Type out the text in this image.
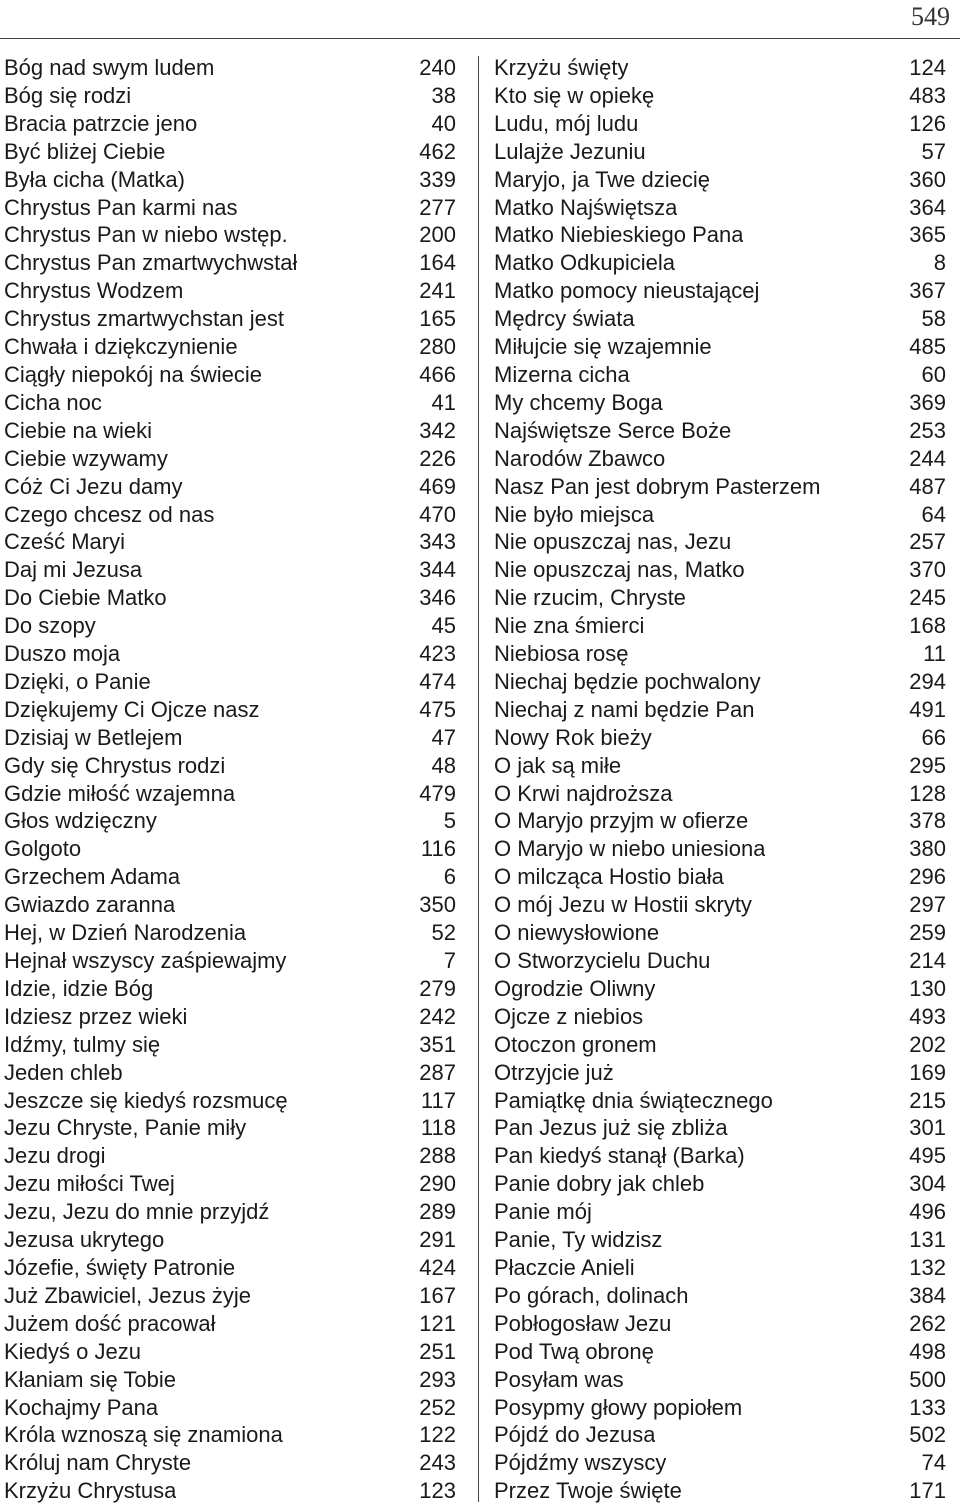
549
Bóg nad swym ludem	240
Bóg się rodzi	38
Bracia patrzcie jeno	40
Być bliżej Ciebie	462
Była cicha (Matka)	339
Chrystus Pan karmi nas	277
Chrystus Pan w niebo wstęp.	200
Chrystus Pan zmartwychwstał	164
Chrystus Wodzem	241
Chrystus zmartwychstan jest	165
Chwała i dziękczynienie	280
Ciągły niepokój na świecie	466
Cicha noc	41
Ciebie na wieki	342
Ciebie wzywamy	226
Cóż Ci Jezu damy	469
Czego chcesz od nas	470
Cześć Maryi	343
Daj mi Jezusa	344
Do Ciebie Matko	346
Do szopy	45
Duszo moja	423
Dzięki, o Panie	474
Dziękujemy Ci Ojcze nasz	475
Dzisiaj w Betlejem	47
Gdy się Chrystus rodzi	48
Gdzie miłość wzajemna	479
Głos wdzięczny	5
Golgoto	116
Grzechem Adama	6
Gwiazdo zaranna	350
Hej, w Dzień Narodzenia	52
Hejnał wszyscy zaśpiewajmy	7
Idzie, idzie Bóg	279
Idziesz przez wieki	242
Idźmy, tulmy się	351
Jeden chleb	287
Jeszcze się kiedyś rozsmucę	117
Jezu Chryste, Panie miły	118
Jezu drogi	288
Jezu miłości Twej	290
Jezu, Jezu do mnie przyjdź	289
Jezusa ukrytego	291
Józefie, święty Patronie	424
Już Zbawiciel, Jezus żyje	167
Jużem dość pracował	121
Kiedyś o Jezu	251
Kłaniam się Tobie	293
Kochajmy Pana	252
Króla wznoszą się znamiona	122
Króluj nam Chryste	243
Krzyżu Chrystusa	123
Krzyżu święty	124
Kto się w opiekę	483
Ludu, mój ludu	126
Lulajże Jezuniu	57
Maryjo, ja Twe dziecię	360
Matko Najświętsza	364
Matko Niebieskiego Pana	365
Matko Odkupiciela	8
Matko pomocy nieustającej	367
Mędrcy świata	58
Miłujcie się wzajemnie	485
Mizerna cicha	60
My chcemy Boga	369
Najświętsze Serce Boże	253
Narodów Zbawco	244
Nasz Pan jest dobrym Pasterzem	487
Nie było miejsca	64
Nie opuszczaj nas, Jezu	257
Nie opuszczaj nas, Matko	370
Nie rzucim, Chryste	245
Nie zna śmierci	168
Niebiosa rosę	11
Niechaj będzie pochwalony	294
Niechaj z nami będzie Pan	491
Nowy Rok bieży	66
O jak są miłe	295
O Krwi najdroższa	128
O Maryjo przyjm w ofierze	378
O Maryjo w niebo uniesiona	380
O milcząca Hostio biała	296
O mój Jezu w Hostii skryty	297
O niewysłowione	259
O Stworzycielu Duchu	214
Ogrodzie Oliwny	130
Ojcze z niebios	493
Otoczon gronem	202
Otrzyjcie już	169
Pamiątkę dnia świątecznego	215
Pan Jezus już się zbliża	301
Pan kiedyś stanął (Barka)	495
Panie dobry jak chleb	304
Panie mój	496
Panie, Ty widzisz	131
Płaczcie Anieli	132
Po górach, dolinach	384
Pobłogosław Jezu	262
Pod Twą obronę	498
Posyłam was	500
Posypmy głowy popiołem	133
Pójdź do Jezusa	502
Pójdźmy wszyscy	74
Przez Twoje święte	171
